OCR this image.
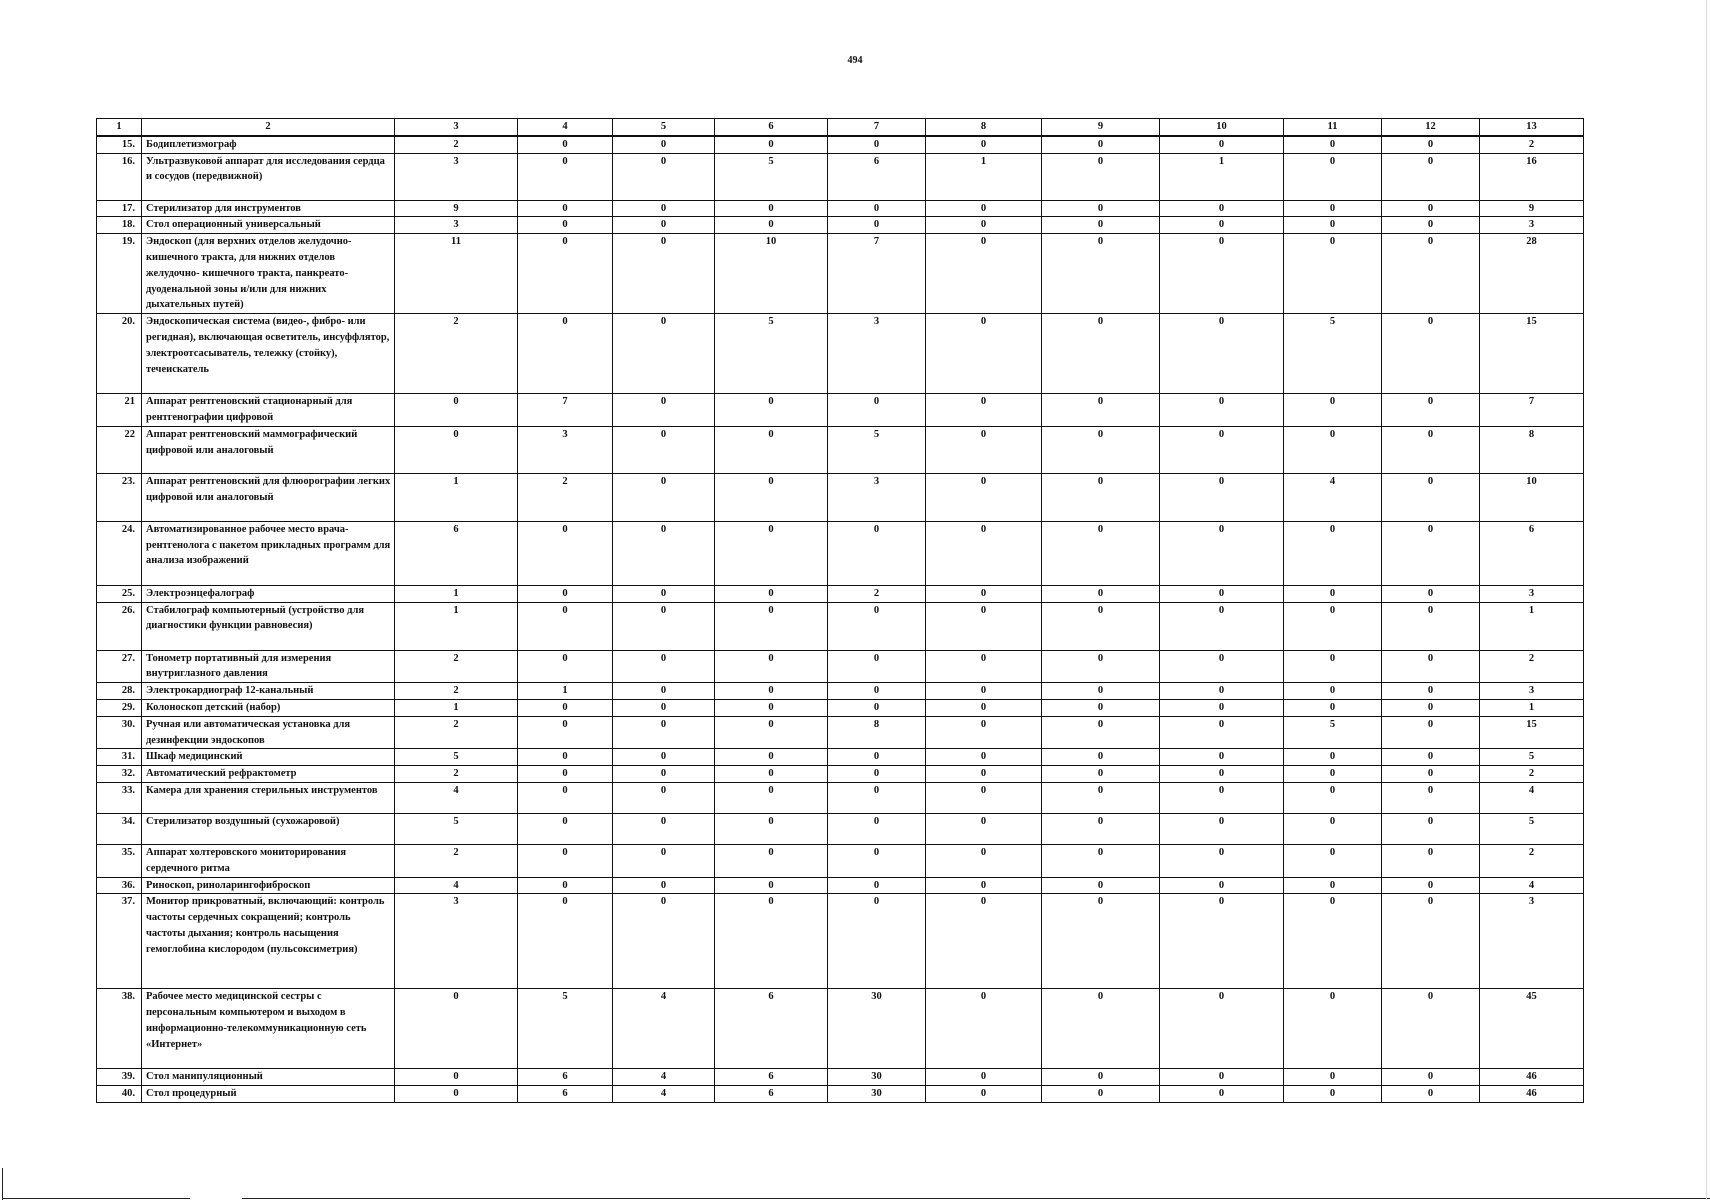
494
1	2	3	4	5	6	7	8	9	10	11	12	13
15.	Бодиплетизмограф	2	0	0	0	0	0	0	0	0	0	2
16.	Ультразвуковой аппарат для исследования сердца и сосудов (передвижной)	3	0	0	5	6	1	0	1	0	0	16
17.	Стерилизатор для инструментов	9	0	0	0	0	0	0	0	0	0	9
18.	Стол операционный универсальный	3	0	0	0	0	0	0	0	0	0	3
19.	Эндоскоп (для верхних отделов желудочно-кишечного тракта, для нижних отделов желудочно- кишечного тракта, панкреато-дуоденальной зоны и/или для нижних дыхательных путей)	11	0	0	10	7	0	0	0	0	0	28
20.	Эндоскопическая система (видео-, фибро- или регидная), включающая осветитель, инсуффлятор, электроотсасыватель, тележку (стойку), течеискатель	2	0	0	5	3	0	0	0	5	0	15
21	Аппарат рентгеновский стационарный для рентгенографии цифровой	0	7	0	0	0	0	0	0	0	0	7
22	Аппарат рентгеновский маммографический цифровой или аналоговый	0	3	0	0	5	0	0	0	0	0	8
23.	Аппарат рентгеновский для флюорографии легких цифровой или аналоговый	1	2	0	0	3	0	0	0	4	0	10
24.	Автоматизированное рабочее место врача-рентгенолога с пакетом прикладных программ для анализа изображений	6	0	0	0	0	0	0	0	0	0	6
25.	Электроэнцефалограф	1	0	0	0	2	0	0	0	0	0	3
26.	Стабилограф компьютерный (устройство для диагностики функции равновесия)	1	0	0	0	0	0	0	0	0	0	1
27.	Тонометр портативный для измерения внутриглазного давления	2	0	0	0	0	0	0	0	0	0	2
28.	Электрокардиограф 12-канальный	2	1	0	0	0	0	0	0	0	0	3
29.	Колоноскоп детский (набор)	1	0	0	0	0	0	0	0	0	0	1
30.	Ручная или автоматическая установка для дезинфекции эндоскопов	2	0	0	0	8	0	0	0	5	0	15
31.	Шкаф медицинский	5	0	0	0	0	0	0	0	0	0	5
32.	Автоматический рефрактометр	2	0	0	0	0	0	0	0	0	0	2
33.	Камера для хранения стерильных инструментов	4	0	0	0	0	0	0	0	0	0	4
34.	Стерилизатор воздушный (сухожаровой)	5	0	0	0	0	0	0	0	0	0	5
35.	Аппарат холтеровского мониторирования сердечного ритма	2	0	0	0	0	0	0	0	0	0	2
36.	Риноскоп, риноларингофиброскоп	4	0	0	0	0	0	0	0	0	0	4
37.	Монитор прикроватный, включающий: контроль частоты сердечных сокращений; контроль частоты дыхания; контроль насыщения гемоглобина кислородом (пульсоксиметрия)	3	0	0	0	0	0	0	0	0	0	3
38.	Рабочее место медицинской сестры с персональным компьютером и выходом в информационно-телекоммуникационную сеть «Интернет»	0	5	4	6	30	0	0	0	0	0	45
39.	Стол манипуляционный	0	6	4	6	30	0	0	0	0	0	46
40.	Стол процедурный	0	6	4	6	30	0	0	0	0	0	46
